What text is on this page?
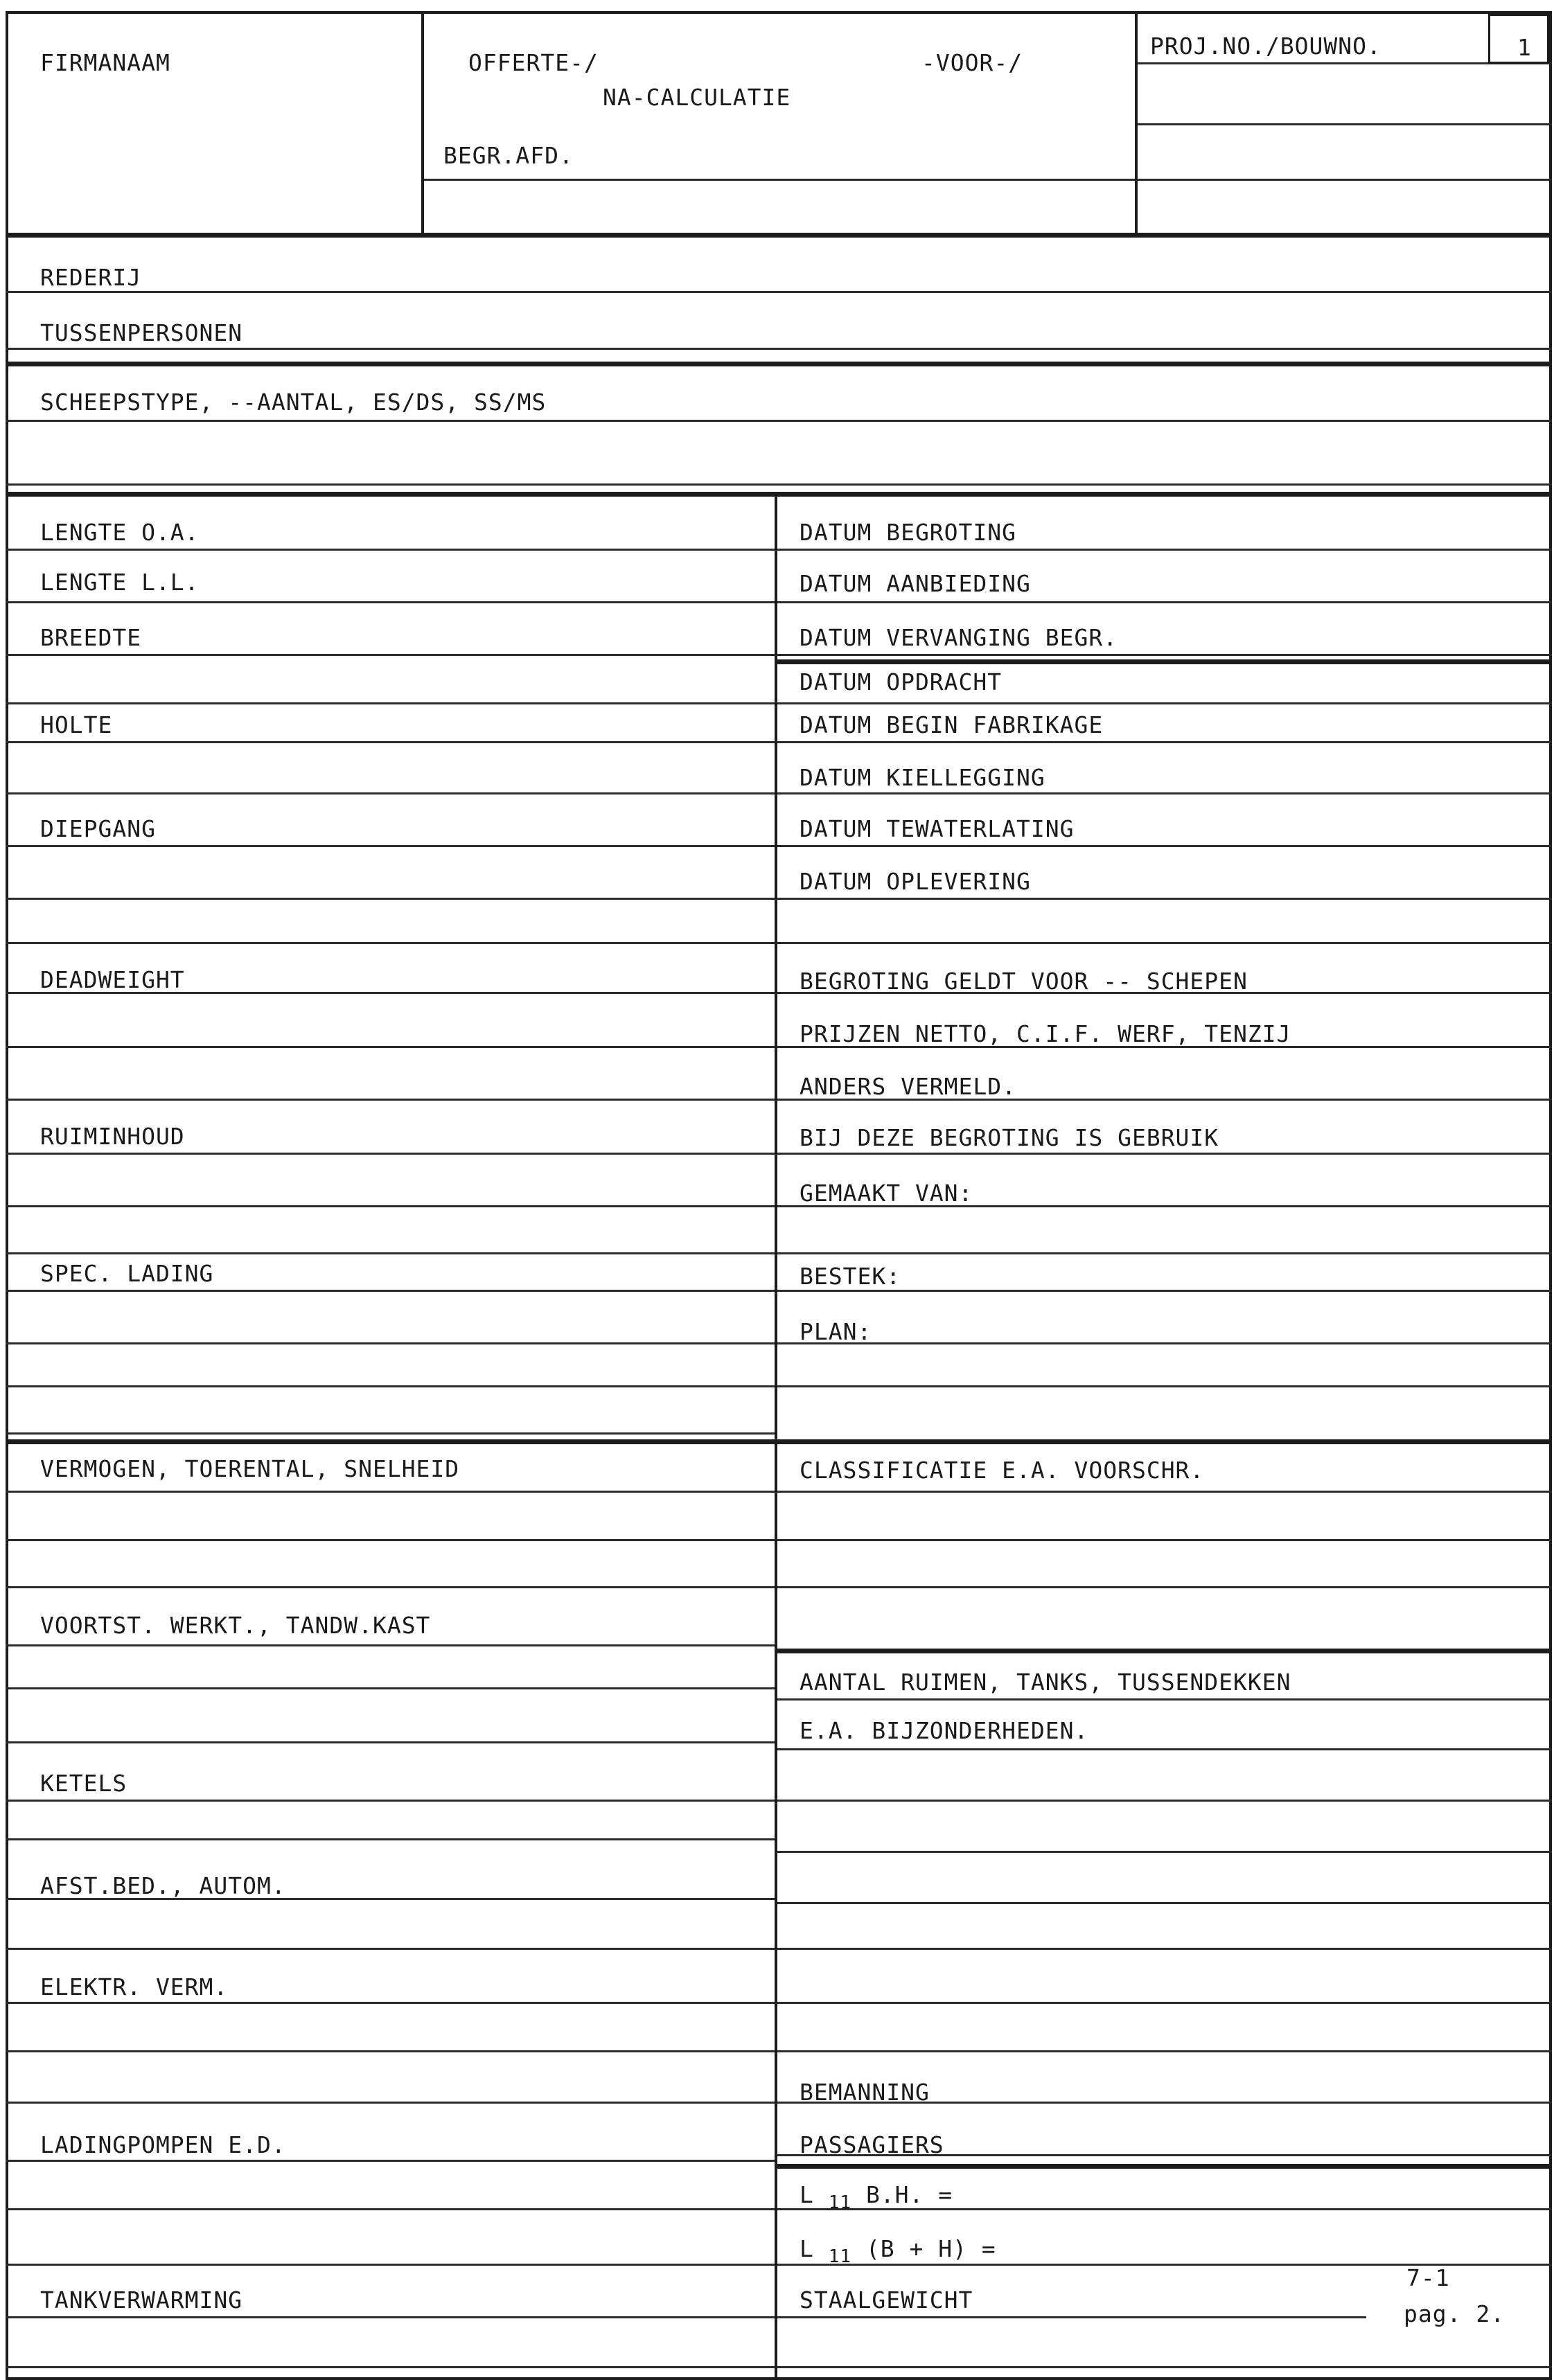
FIRMANAAM	OFFERTE-/	-VOOR-/
NA-CALCULATIE
BEGR.AFD.
PROJ.NO./BOUWNO.	1
REDERIJ
TUSSENPERSONEN
SCHEEPSTYPE, --AANTAL, ES/DS, SS/MS
LENGTE O.A.
LENGTE L.L.
BREEDTE
HOLTE
DIEPGANG
DEADWEIGHT
RUIMINHOUD
SPEC. LADING
VERMOGEN, TOERENTAL, SNELHEID
VOORTST. WERKT., TANDW.KAST
KETELS
AFST.BED., AUTOM.
ELEKTR. VERM.
LADINGPOMPEN E.D.
TANKVERWARMING
DATUM BEGROTING
DATUM AANBIEDING
DATUM VERVANGING BEGR.
DATUM OPDRACHT
DATUM BEGIN FABRIKAGE
DATUM KIELLEGGING
DATUM TEWATERLATING
DATUM OPLEVERING
BEGROTING GELDT VOOR -- SCHEPEN
PRIJZEN NETTO, C.I.F. WERF, TENZIJ
ANDERS VERMELD.
BIJ DEZE BEGROTING IS GEBRUIK
GEMAAKT VAN:
BESTEK:
PLAN:
CLASSIFICATIE E.A. VOORSCHR.
AANTAL RUIMEN, TANKS, TUSSENDEKKEN
E.A. BIJZONDERHEDEN.
BEMANNING
PASSAGIERS
L $_{11}$ B.H. =
L $_{11}$ (B + H) =
STAALGEWICHT
7-1
pag. 2.
